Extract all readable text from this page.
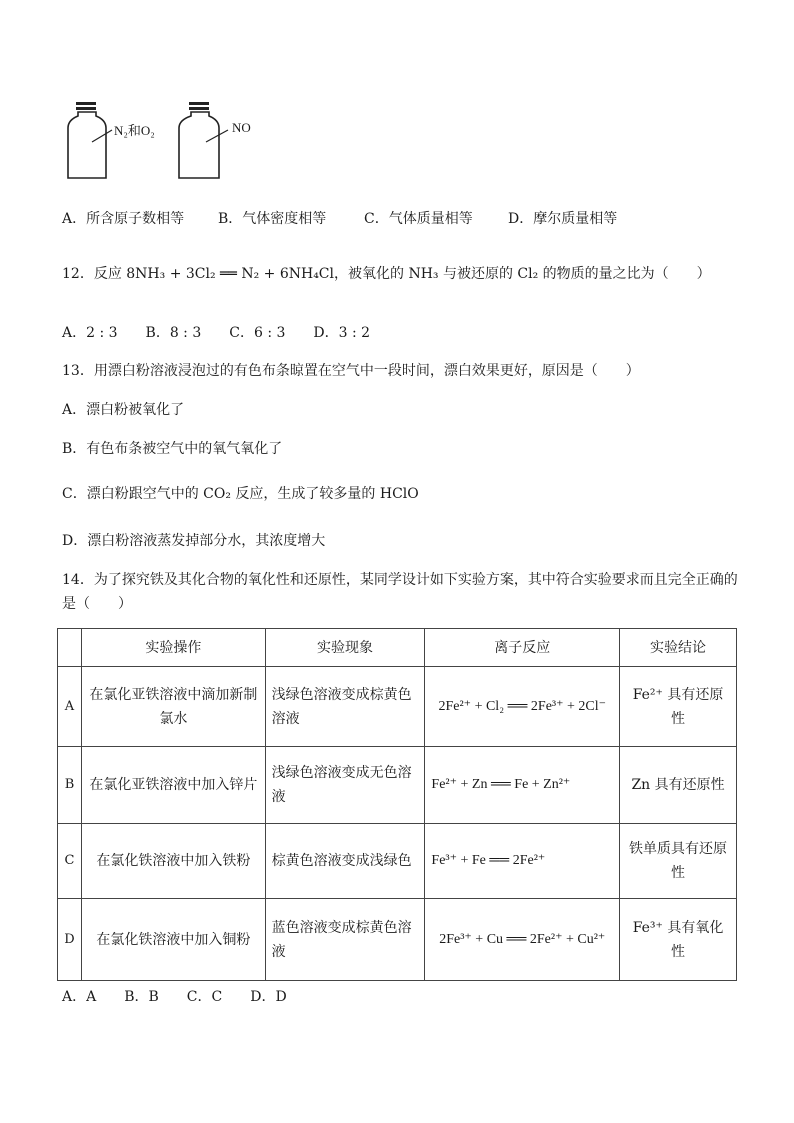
N₂和O₂	NO
A．所含原子数相等 B．气体密度相等	C．气体质量相等	D．摩尔质量相等
12．反应 8NH₃ + 3Cl₂ ══ N₂ + 6NH₄Cl，被氧化的 NH₃ 与被还原的 Cl₂ 的物质的量之比为（　　）
A．2 : 3　　B．8 : 3　　C．6 : 3　　D．3 : 2
13．用漂白粉溶液浸泡过的有色布条晾置在空气中一段时间，漂白效果更好，原因是（　　）
A．漂白粉被氧化了
B．有色布条被空气中的氧气氧化了
C．漂白粉跟空气中的 CO₂ 反应，生成了较多量的 HClO
D．漂白粉溶液蒸发掉部分水，其浓度增大
14．为了探究铁及其化合物的氧化性和还原性，某同学设计如下实验方案，其中符合实验要求而且完全正确的
是（　　）
	实验操作	实验现象	离子反应	实验结论
A	在氯化亚铁溶液中滴加新制氯水	浅绿色溶液变成棕黄色溶液	2Fe²⁺ + Cl₂ ══ 2Fe³⁺ + 2Cl⁻	Fe²⁺ 具有还原性
B	在氯化亚铁溶液中加入锌片	浅绿色溶液变成无色溶液	Fe²⁺ + Zn ══ Fe + Zn²⁺	Zn 具有还原性
C	在氯化铁溶液中加入铁粉	棕黄色溶液变成浅绿色	Fe³⁺ + Fe ══ 2Fe²⁺	铁单质具有还原性
D	在氯化铁溶液中加入铜粉	蓝色溶液变成棕黄色溶液	2Fe³⁺ + Cu ══ 2Fe²⁺ + Cu²⁺	Fe³⁺ 具有氧化性
A．A　　B．B　　C．C　　D．D
